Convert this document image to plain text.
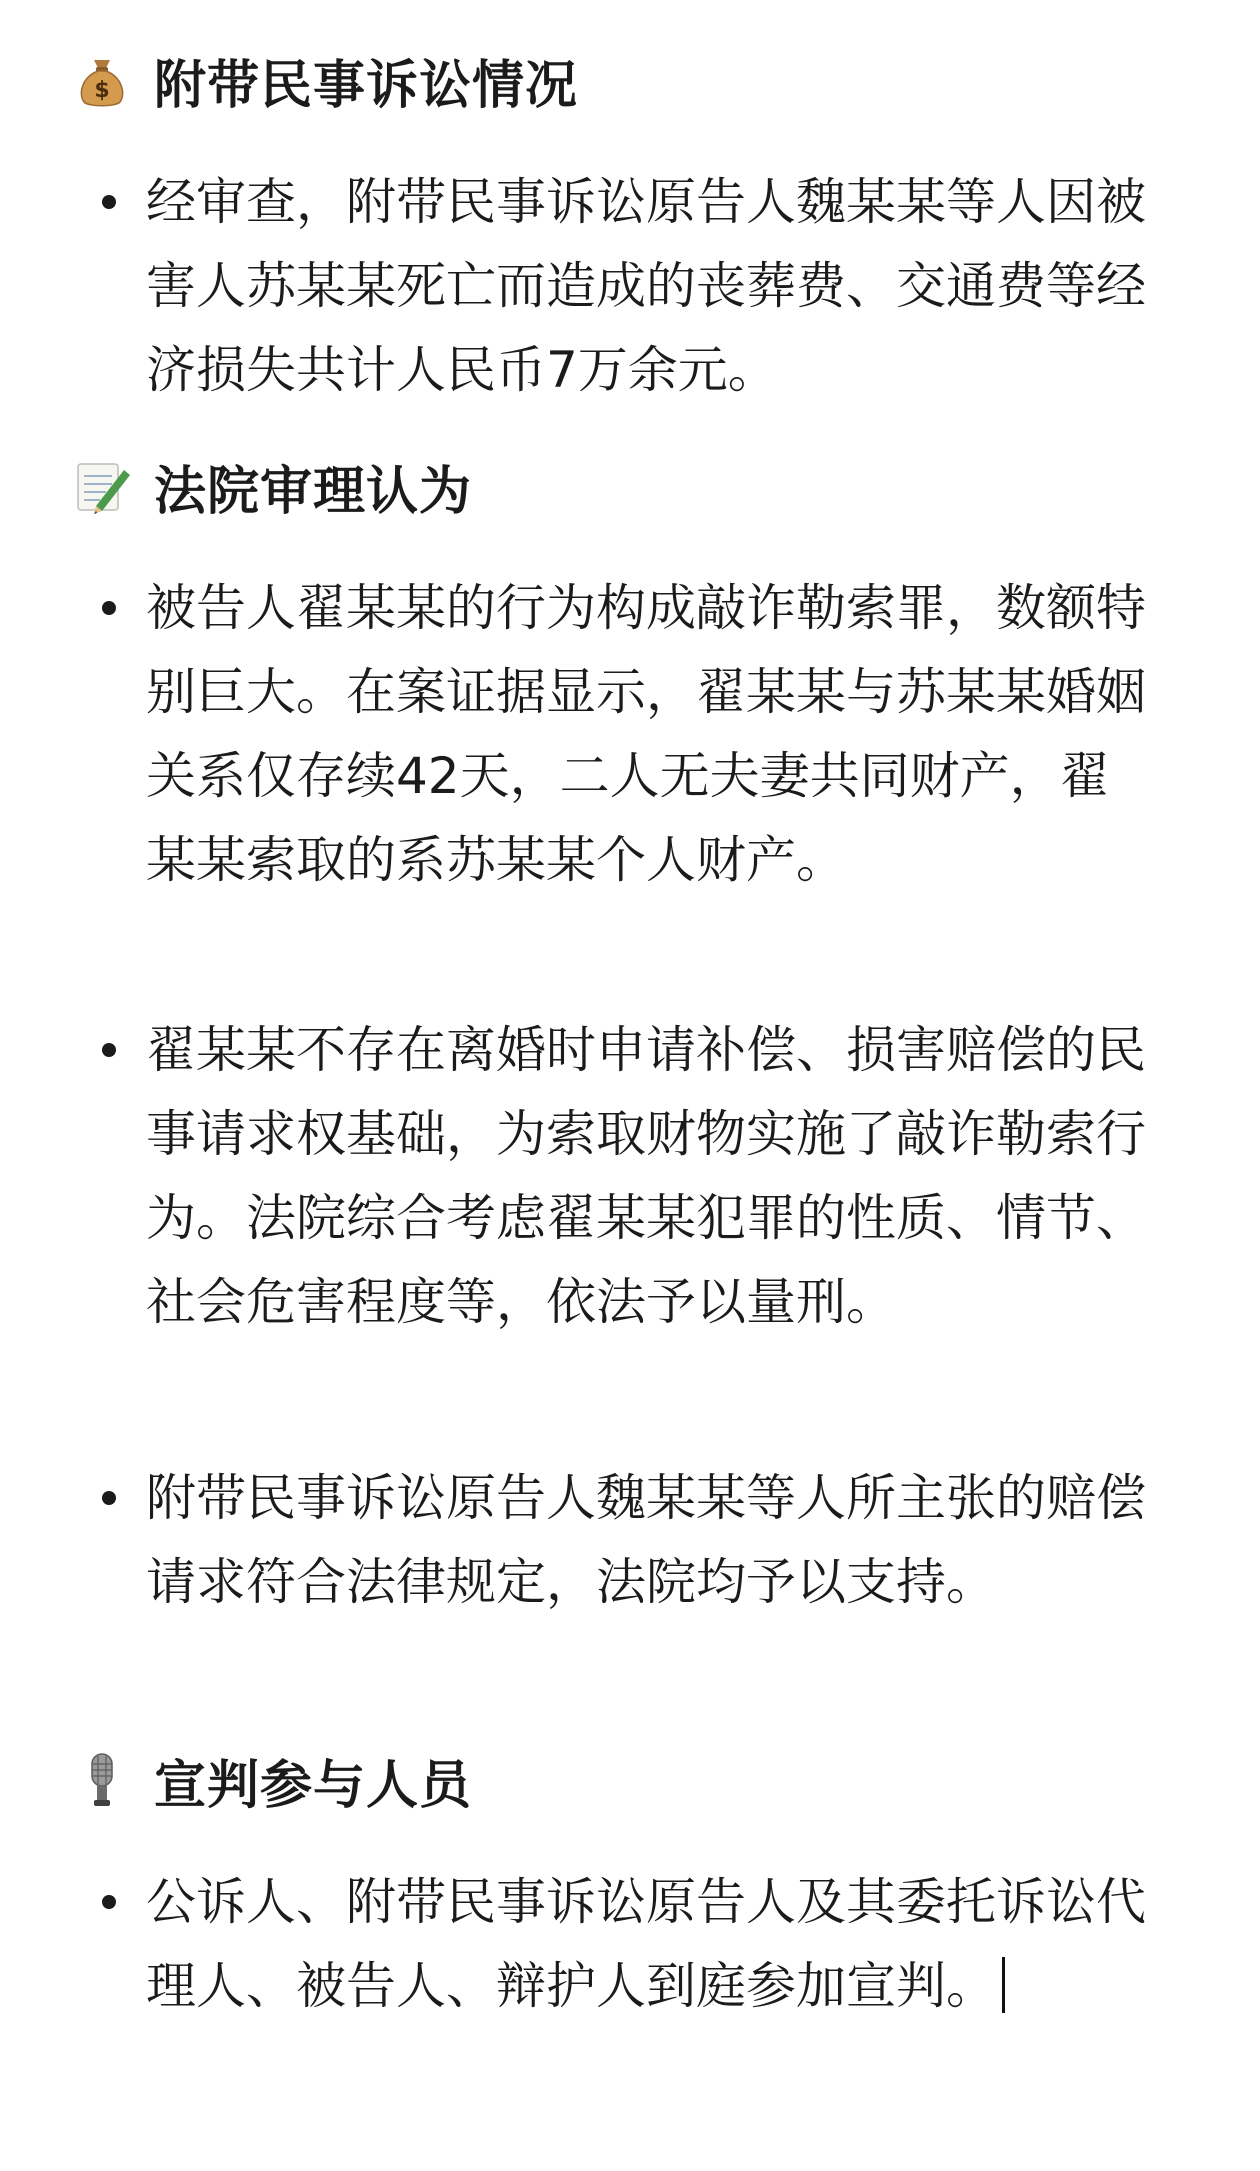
$ 附带民事诉讼情况
经审查，附带民事诉讼原告人魏某某等人因被害人苏某某死亡而造成的丧葬费、交通费等经济损失共计人民币7万余元。
法院审理认为
被告人翟某某的行为构成敲诈勒索罪，数额特别巨大。在案证据显示，翟某某与苏某某婚姻关系仅存续42天，二人无夫妻共同财产，翟某某索取的系苏某某个人财产。
翟某某不存在离婚时申请补偿、损害赔偿的民事请求权基础，为索取财物实施了敲诈勒索行为。法院综合考虑翟某某犯罪的性质、情节、社会危害程度等，依法予以量刑。
附带民事诉讼原告人魏某某等人所主张的赔偿请求符合法律规定，法院均予以支持。
宣判参与人员
公诉人、附带民事诉讼原告人及其委托诉讼代理人、被告人、辩护人到庭参加宣判。
